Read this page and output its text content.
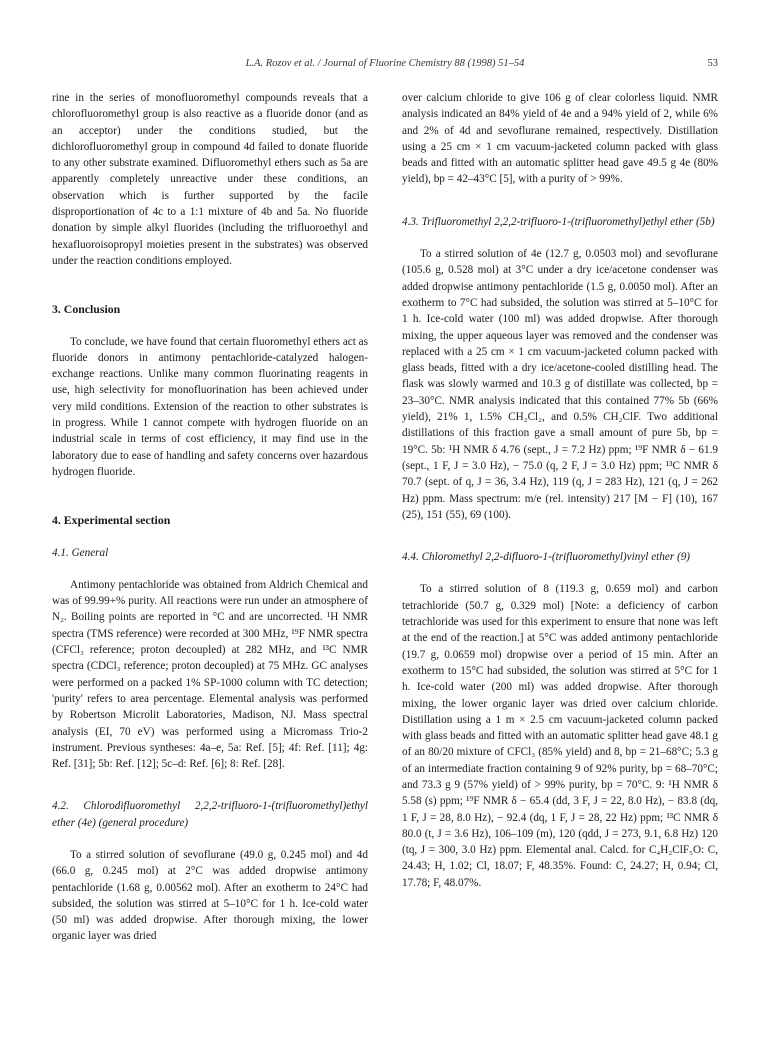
L.A. Rozov et al. / Journal of Fluorine Chemistry 88 (1998) 51–54	53

rine in the series of monofluoromethyl compounds reveals that a chlorofluoromethyl group is also reactive as a fluoride donor (and as an acceptor) under the conditions studied, but the dichlorofluoromethyl group in compound 4d failed to donate fluoride to any other substrate examined. Difluoromethyl ethers such as 5a are apparently completely unreactive under these conditions, an observation which is further supported by the facile disproportionation of 4c to a 1:1 mixture of 4b and 5a. No fluoride donation by simple alkyl fluorides (including the trifluoroethyl and hexafluoroisopropyl moieties present in the substrates) was observed under the reaction conditions employed.

3. Conclusion

To conclude, we have found that certain fluoromethyl ethers act as fluoride donors in antimony pentachloride-catalyzed halogen-exchange reactions. Unlike many common fluorinating reagents in use, high selectivity for monofluorination has been achieved under very mild conditions. Extension of the reaction to other substrates is in progress. While 1 cannot compete with hydrogen fluoride on an industrial scale in terms of cost efficiency, it may find use in the laboratory due to ease of handling and safety concerns over hazardous hydrogen fluoride.

4. Experimental section
4.1. General

Antimony pentachloride was obtained from Aldrich Chemical and was of 99.99+% purity. All reactions were run under an atmosphere of N₂. Boiling points are reported in °C and are uncorrected. ¹H NMR spectra (TMS reference) were recorded at 300 MHz, ¹⁹F NMR spectra (CFCl₃ reference; proton decoupled) at 282 MHz, and ¹³C NMR spectra (CDCl₃ reference; proton decoupled) at 75 MHz. GC analyses were performed on a packed 1% SP-1000 column with TC detection; 'purity' refers to area percentage. Elemental analysis was performed by Robertson Microlit Laboratories, Madison, NJ. Mass spectral analysis (EI, 70 eV) was performed using a Micromass Trio-2 instrument. Previous syntheses: 4a–e, 5a: Ref. [5]; 4f: Ref. [11]; 4g: Ref. [31]; 5b: Ref. [12]; 5c–d: Ref. [6]; 8: Ref. [28].

4.2. Chlorodifluoromethyl 2,2,2-trifluoro-1-(trifluoromethyl)ethyl ether (4e) (general procedure)

To a stirred solution of sevoflurane (49.0 g, 0.245 mol) and 4d (66.0 g, 0.245 mol) at 2°C was added dropwise antimony pentachloride (1.68 g, 0.00562 mol). After an exotherm to 24°C had subsided, the solution was stirred at 5–10°C for 1 h. Ice-cold water (50 ml) was added dropwise. After thorough mixing, the lower organic layer was dried

over calcium chloride to give 106 g of clear colorless liquid. NMR analysis indicated an 84% yield of 4e and a 94% yield of 2, while 6% and 2% of 4d and sevoflurane remained, respectively. Distillation using a 25 cm × 1 cm vacuum-jacketed column packed with glass beads and fitted with an automatic splitter head gave 49.5 g 4e (80% yield), bp = 42–43°C [5], with a purity of > 99%.

4.3. Trifluoromethyl 2,2,2-trifluoro-1-(trifluoromethyl)ethyl ether (5b)

To a stirred solution of 4e (12.7 g, 0.0503 mol) and sevoflurane (105.6 g, 0.528 mol) at 3°C under a dry ice/acetone condenser was added dropwise antimony pentachloride (1.5 g, 0.0050 mol). After an exotherm to 7°C had subsided, the solution was stirred at 5–10°C for 1 h. Ice-cold water (100 ml) was added dropwise. After thorough mixing, the upper aqueous layer was removed and the condenser was replaced with a 25 cm × 1 cm vacuum-jacketed column packed with glass beads, fitted with a dry ice/acetone-cooled distilling head. The flask was slowly warmed and 10.3 g of distillate was collected, bp = 23–30°C. NMR analysis indicated that this contained 77% 5b (66% yield), 21% 1, 1.5% CH₂Cl₂, and 0.5% CH₂ClF. Two additional distillations of this fraction gave a small amount of pure 5b, bp = 19°C. 5b: ¹H NMR δ 4.76 (sept., J = 7.2 Hz) ppm; ¹⁹F NMR δ − 61.9 (sept., 1 F, J = 3.0 Hz), − 75.0 (q, 2 F, J = 3.0 Hz) ppm; ¹³C NMR δ 70.7 (sept. of q, J = 36, 3.4 Hz), 119 (q, J = 283 Hz), 121 (q, J = 262 Hz) ppm. Mass spectrum: m/e (rel. intensity) 217 [M − F] (10), 167 (25), 151 (55), 69 (100).

4.4. Chloromethyl 2,2-difluoro-1-(trifluoromethyl)vinyl ether (9)

To a stirred solution of 8 (119.3 g, 0.659 mol) and carbon tetrachloride (50.7 g, 0.329 mol) [Note: a deficiency of carbon tetrachloride was used for this experiment to ensure that none was left at the end of the reaction.] at 5°C was added antimony pentachloride (19.7 g, 0.0659 mol) dropwise over a period of 15 min. After an exotherm to 15°C had subsided, the solution was stirred at 5°C for 1 h. Ice-cold water (200 ml) was added dropwise. After thorough mixing, the lower organic layer was dried over calcium chloride. Distillation using a 1 m × 2.5 cm vacuum-jacketed column packed with glass beads and fitted with an automatic splitter head gave 48.1 g of an 80/20 mixture of CFCl₃ (85% yield) and 8, bp = 21–68°C; 5.3 g of an intermediate fraction containing 9 of 92% purity, bp = 68–70°C; and 73.3 g 9 (57% yield) of > 99% purity, bp = 70°C. 9: ¹H NMR δ 5.58 (s) ppm; ¹⁹F NMR δ − 65.4 (dd, 3 F, J = 22, 8.0 Hz), − 83.8 (dq, 1 F, J = 28, 8.0 Hz), − 92.4 (dq, 1 F, J = 28, 22 Hz) ppm; ¹³C NMR δ 80.0 (t, J = 3.6 Hz), 106–109 (m), 120 (qdd, J = 273, 9.1, 6.8 Hz) 120 (tq, J = 300, 3.0 Hz) ppm. Elemental anal. Calcd. for C₄H₂ClF₅O: C, 24.43; H, 1.02; Cl, 18.07; F, 48.35%. Found: C, 24.27; H, 0.94; Cl, 17.78; F, 48.07%.
